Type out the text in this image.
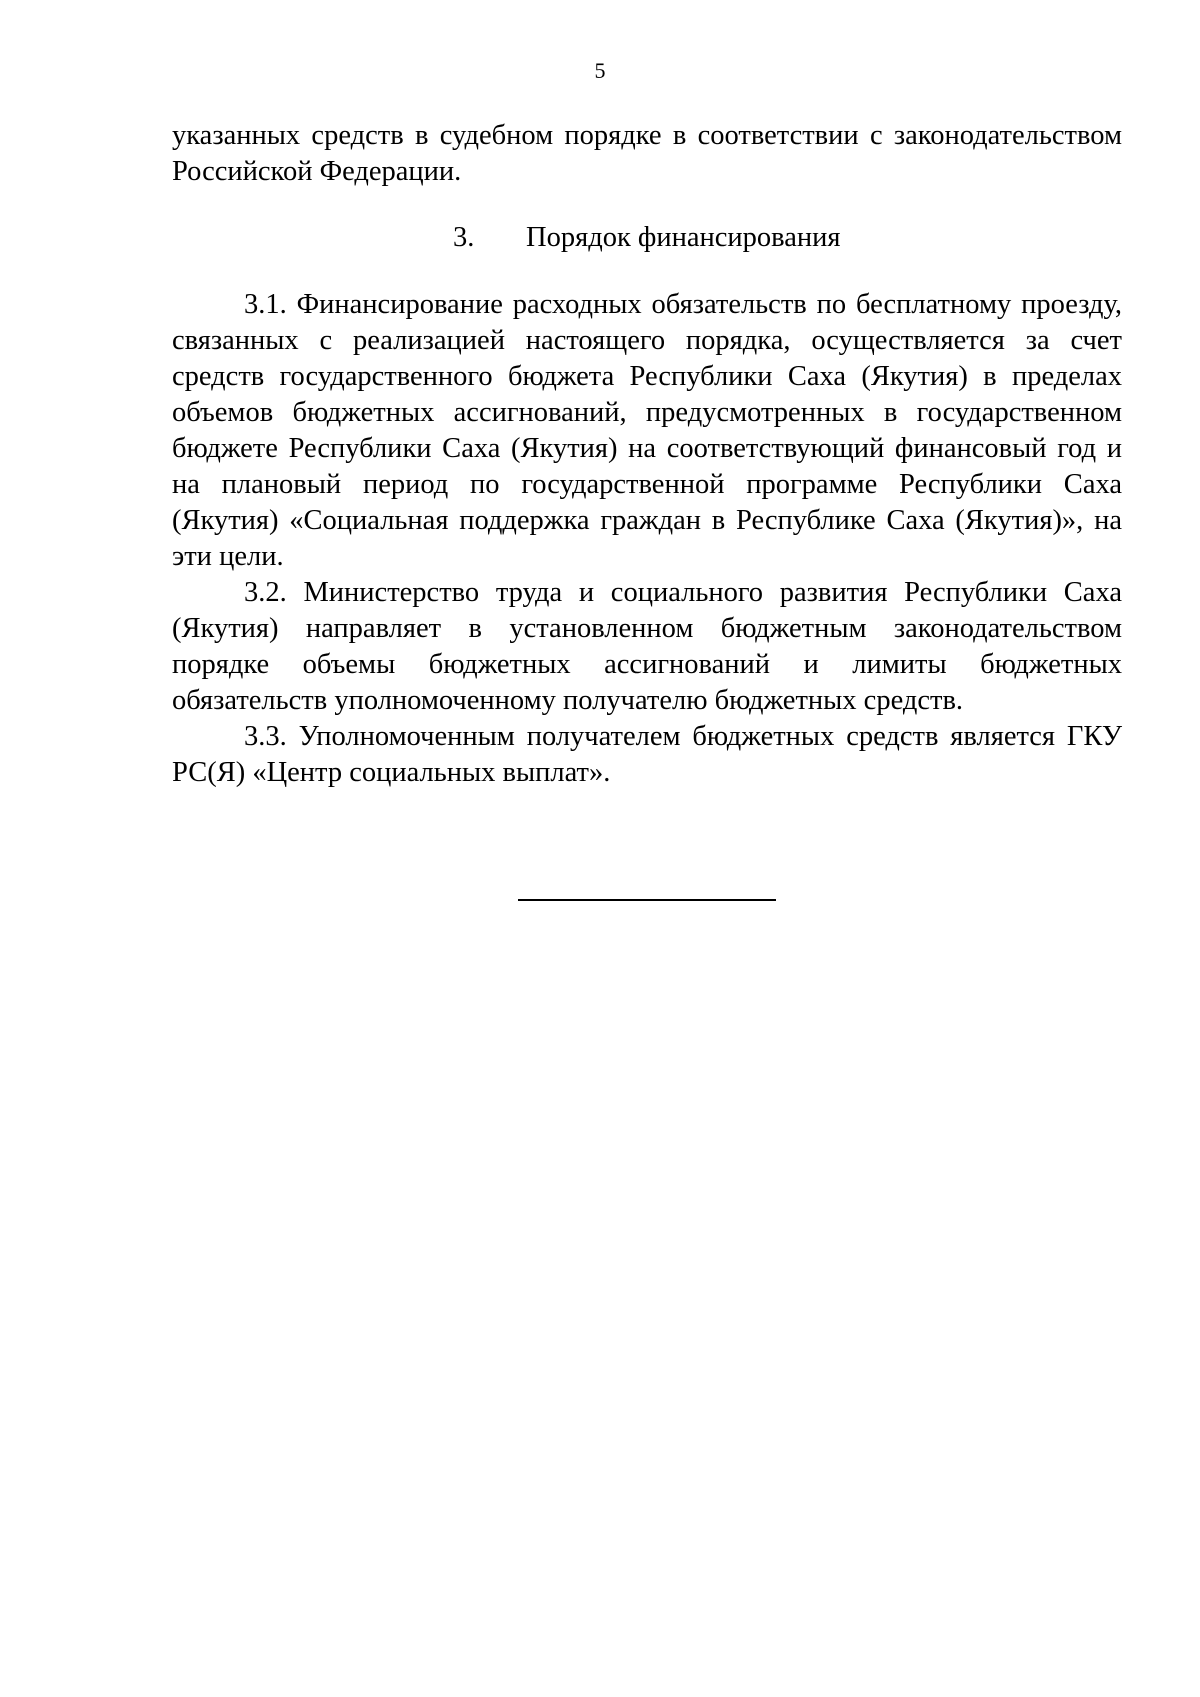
5
указанных средств в судебном порядке в соответствии с законодательством Российской Федерации.
3. Порядок финансирования

3.1. Финансирование расходных обязательств по бесплатному проезду, связанных с реализацией настоящего порядка, осуществляется за счет средств государственного бюджета Республики Саха (Якутия) в пределах объемов бюджетных ассигнований, предусмотренных в государственном бюджете Республики Саха (Якутия) на соответствующий финансовый год и на плановый период по государственной программе Республики Саха (Якутия) «Социальная поддержка граждан в Республике Саха (Якутия)», на эти цели.

3.2. Министерство труда и социального развития Республики Саха (Якутия) направляет в установленном бюджетным законодательством порядке объемы бюджетных ассигнований и лимиты бюджетных обязательств уполномоченному получателю бюджетных средств.

3.3. Уполномоченным получателем бюджетных средств является ГКУ РС(Я) «Центр социальных выплат».
